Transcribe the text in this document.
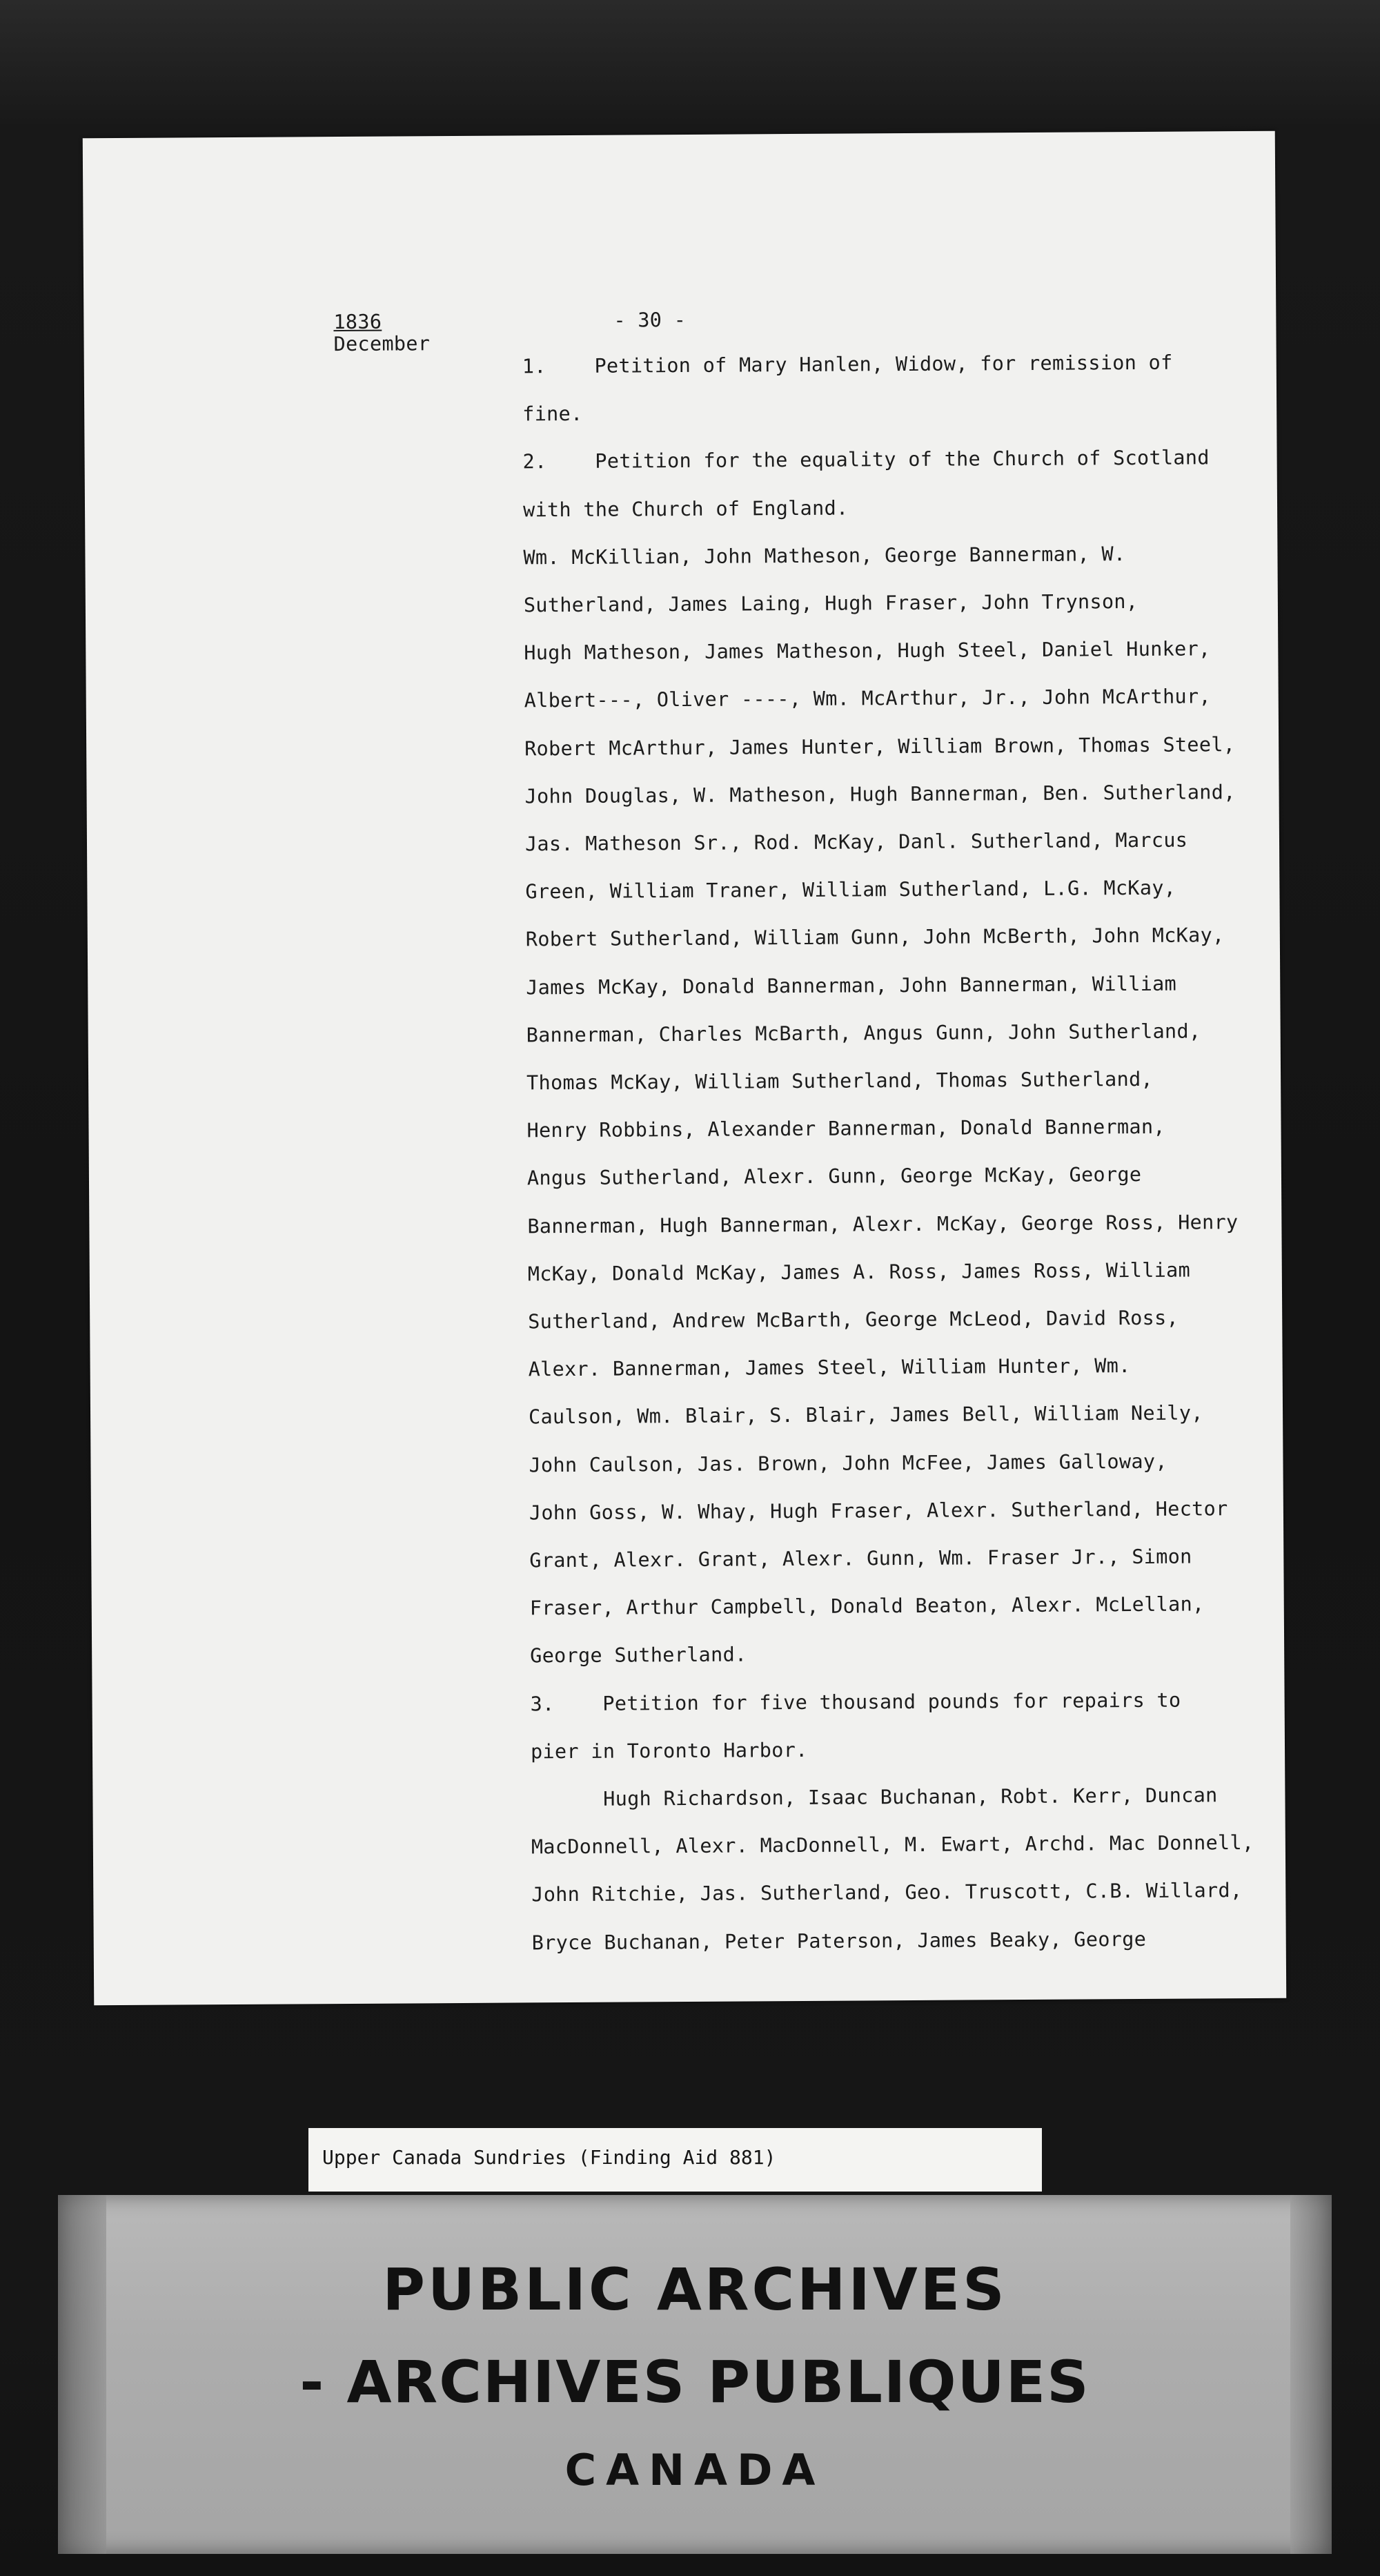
1836
December
- 30 -
1.    Petition of Mary Hanlen, Widow, for remission of
fine.
2.    Petition for the equality of the Church of Scotland
with the Church of England.
Wm. McKillian, John Matheson, George Bannerman, W.
Sutherland, James Laing, Hugh Fraser, John Trynson,
Hugh Matheson, James Matheson, Hugh Steel, Daniel Hunker,
Albert---, Oliver ----, Wm. McArthur, Jr., John McArthur,
Robert McArthur, James Hunter, William Brown, Thomas Steel,
John Douglas, W. Matheson, Hugh Bannerman, Ben. Sutherland,
Jas. Matheson Sr., Rod. McKay, Danl. Sutherland, Marcus
Green, William Traner, William Sutherland, L.G. McKay,
Robert Sutherland, William Gunn, John McBerth, John McKay,
James McKay, Donald Bannerman, John Bannerman, William
Bannerman, Charles McBarth, Angus Gunn, John Sutherland,
Thomas McKay, William Sutherland, Thomas Sutherland,
Henry Robbins, Alexander Bannerman, Donald Bannerman,
Angus Sutherland, Alexr. Gunn, George McKay, George
Bannerman, Hugh Bannerman, Alexr. McKay, George Ross, Henry
McKay, Donald McKay, James A. Ross, James Ross, William
Sutherland, Andrew McBarth, George McLeod, David Ross,
Alexr. Bannerman, James Steel, William Hunter, Wm.
Caulson, Wm. Blair, S. Blair, James Bell, William Neily,
John Caulson, Jas. Brown, John McFee, James Galloway,
John Goss, W. Whay, Hugh Fraser, Alexr. Sutherland, Hector
Grant, Alexr. Grant, Alexr. Gunn, Wm. Fraser Jr., Simon
Fraser, Arthur Campbell, Donald Beaton, Alexr. McLellan,
George Sutherland.
3.    Petition for five thousand pounds for repairs to
pier in Toronto Harbor.
Hugh Richardson, Isaac Buchanan, Robt. Kerr, Duncan
MacDonnell, Alexr. MacDonnell, M. Ewart, Archd. Mac Donnell,
John Ritchie, Jas. Sutherland, Geo. Truscott, C.B. Willard,
Bryce Buchanan, Peter Paterson, James Beaky, George
Upper Canada Sundries (Finding Aid 881)
PUBLIC ARCHIVES
- ARCHIVES PUBLIQUES
CANADA
